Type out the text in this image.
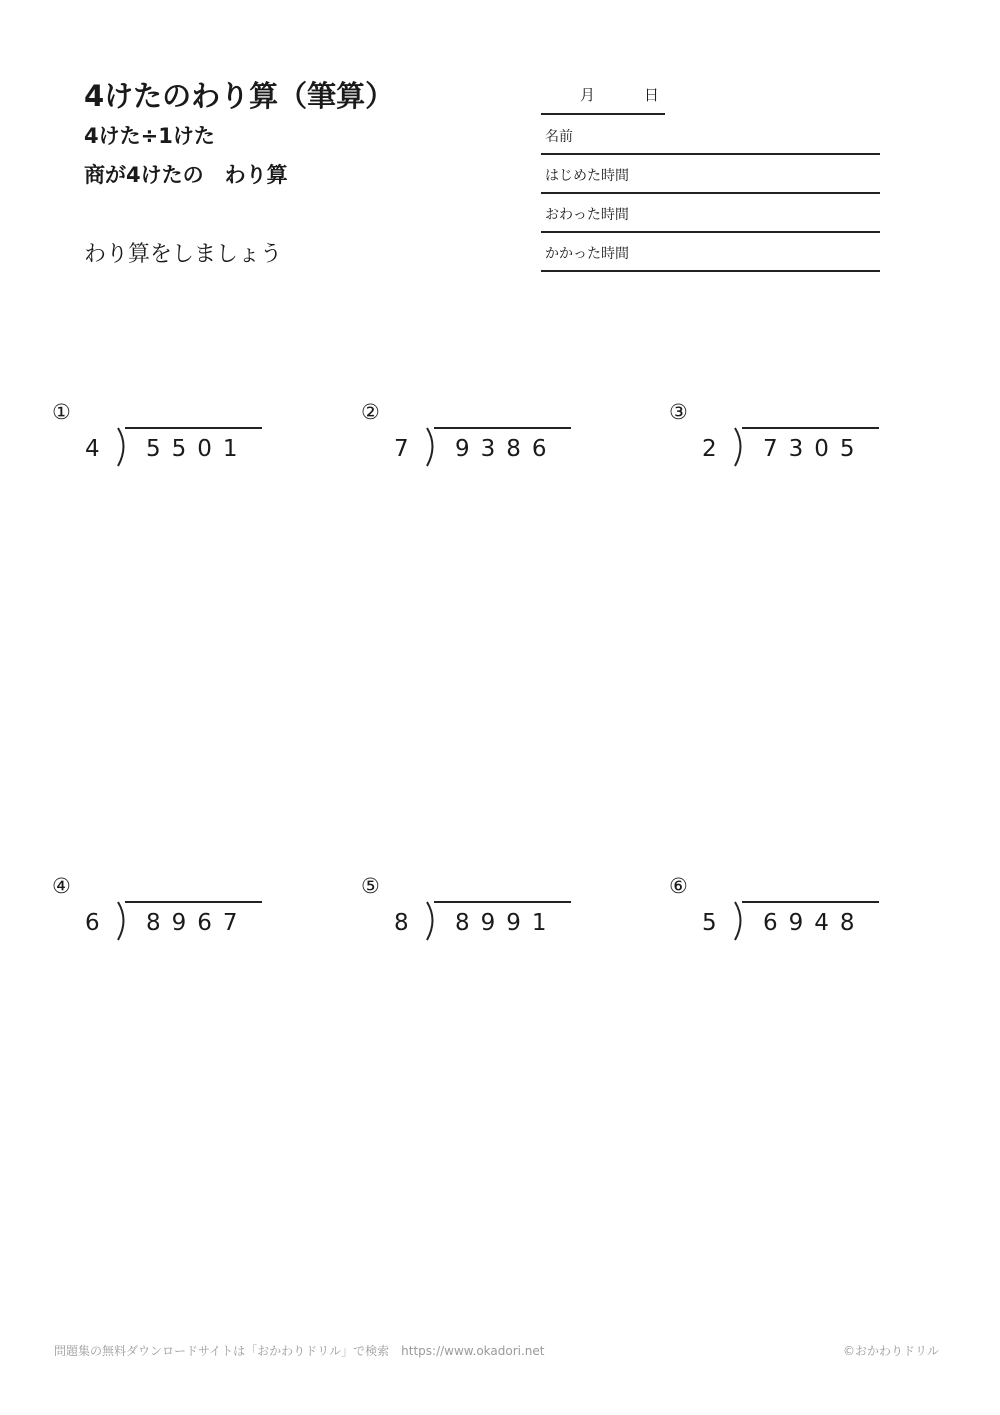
4けたのわり算（筆算）
4けた÷1けた
商が4けたの　わり算
わり算をしましょう
月	日
名前
はじめた時間
おわった時間
かかった時間
①
4 5501
②
7 9386
③
2 7305
④
6 8967
⑤
8 8991
⑥
5 6948
問題集の無料ダウンロードサイトは「おかわりドリル」で検索　https://www.okadori.net	©おかわりドリル
